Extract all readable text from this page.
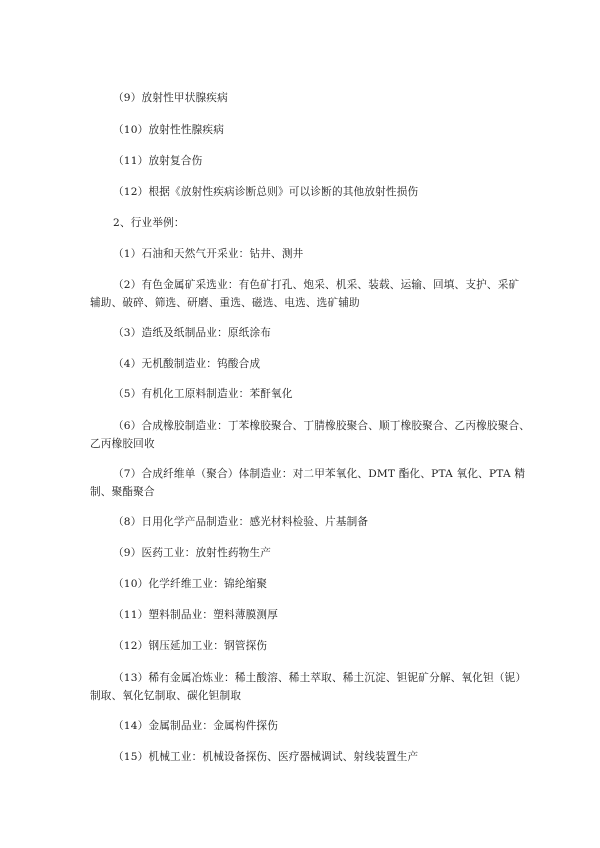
（9）放射性甲状腺疾病
（10）放射性性腺疾病
（11）放射复合伤
（12）根据《放射性疾病诊断总则》可以诊断的其他放射性损伤
2、行业举例：
（1）石油和天然气开采业：钻井、测井
（2）有色金属矿采选业：有色矿打孔、炮采、机采、装载、运输、回填、支护、采矿
辅助、破碎、筛选、研磨、重选、磁选、电选、选矿辅助
（3）造纸及纸制品业：原纸涂布
（4）无机酸制造业：钨酸合成
（5）有机化工原料制造业：苯酐氧化
（6）合成橡胶制造业：丁苯橡胶聚合、丁腈橡胶聚合、顺丁橡胶聚合、乙丙橡胶聚合、
乙丙橡胶回收
（7）合成纤维单（聚合）体制造业：对二甲苯氧化、DMT 酯化、PTA 氧化、PTA 精
制、聚酯聚合
（8）日用化学产品制造业：感光材料检验、片基制备
（9）医药工业：放射性药物生产
（10）化学纤维工业：锦纶缩聚
（11）塑料制品业：塑料薄膜测厚
（12）钢压延加工业：钢管探伤
（13）稀有金属冶炼业：稀土酸溶、稀土萃取、稀土沉淀、钽铌矿分解、氧化钽（铌）
制取、氧化钇制取、碳化钽制取
（14）金属制品业：金属构件探伤
（15）机械工业：机械设备探伤、医疗器械调试、射线装置生产
